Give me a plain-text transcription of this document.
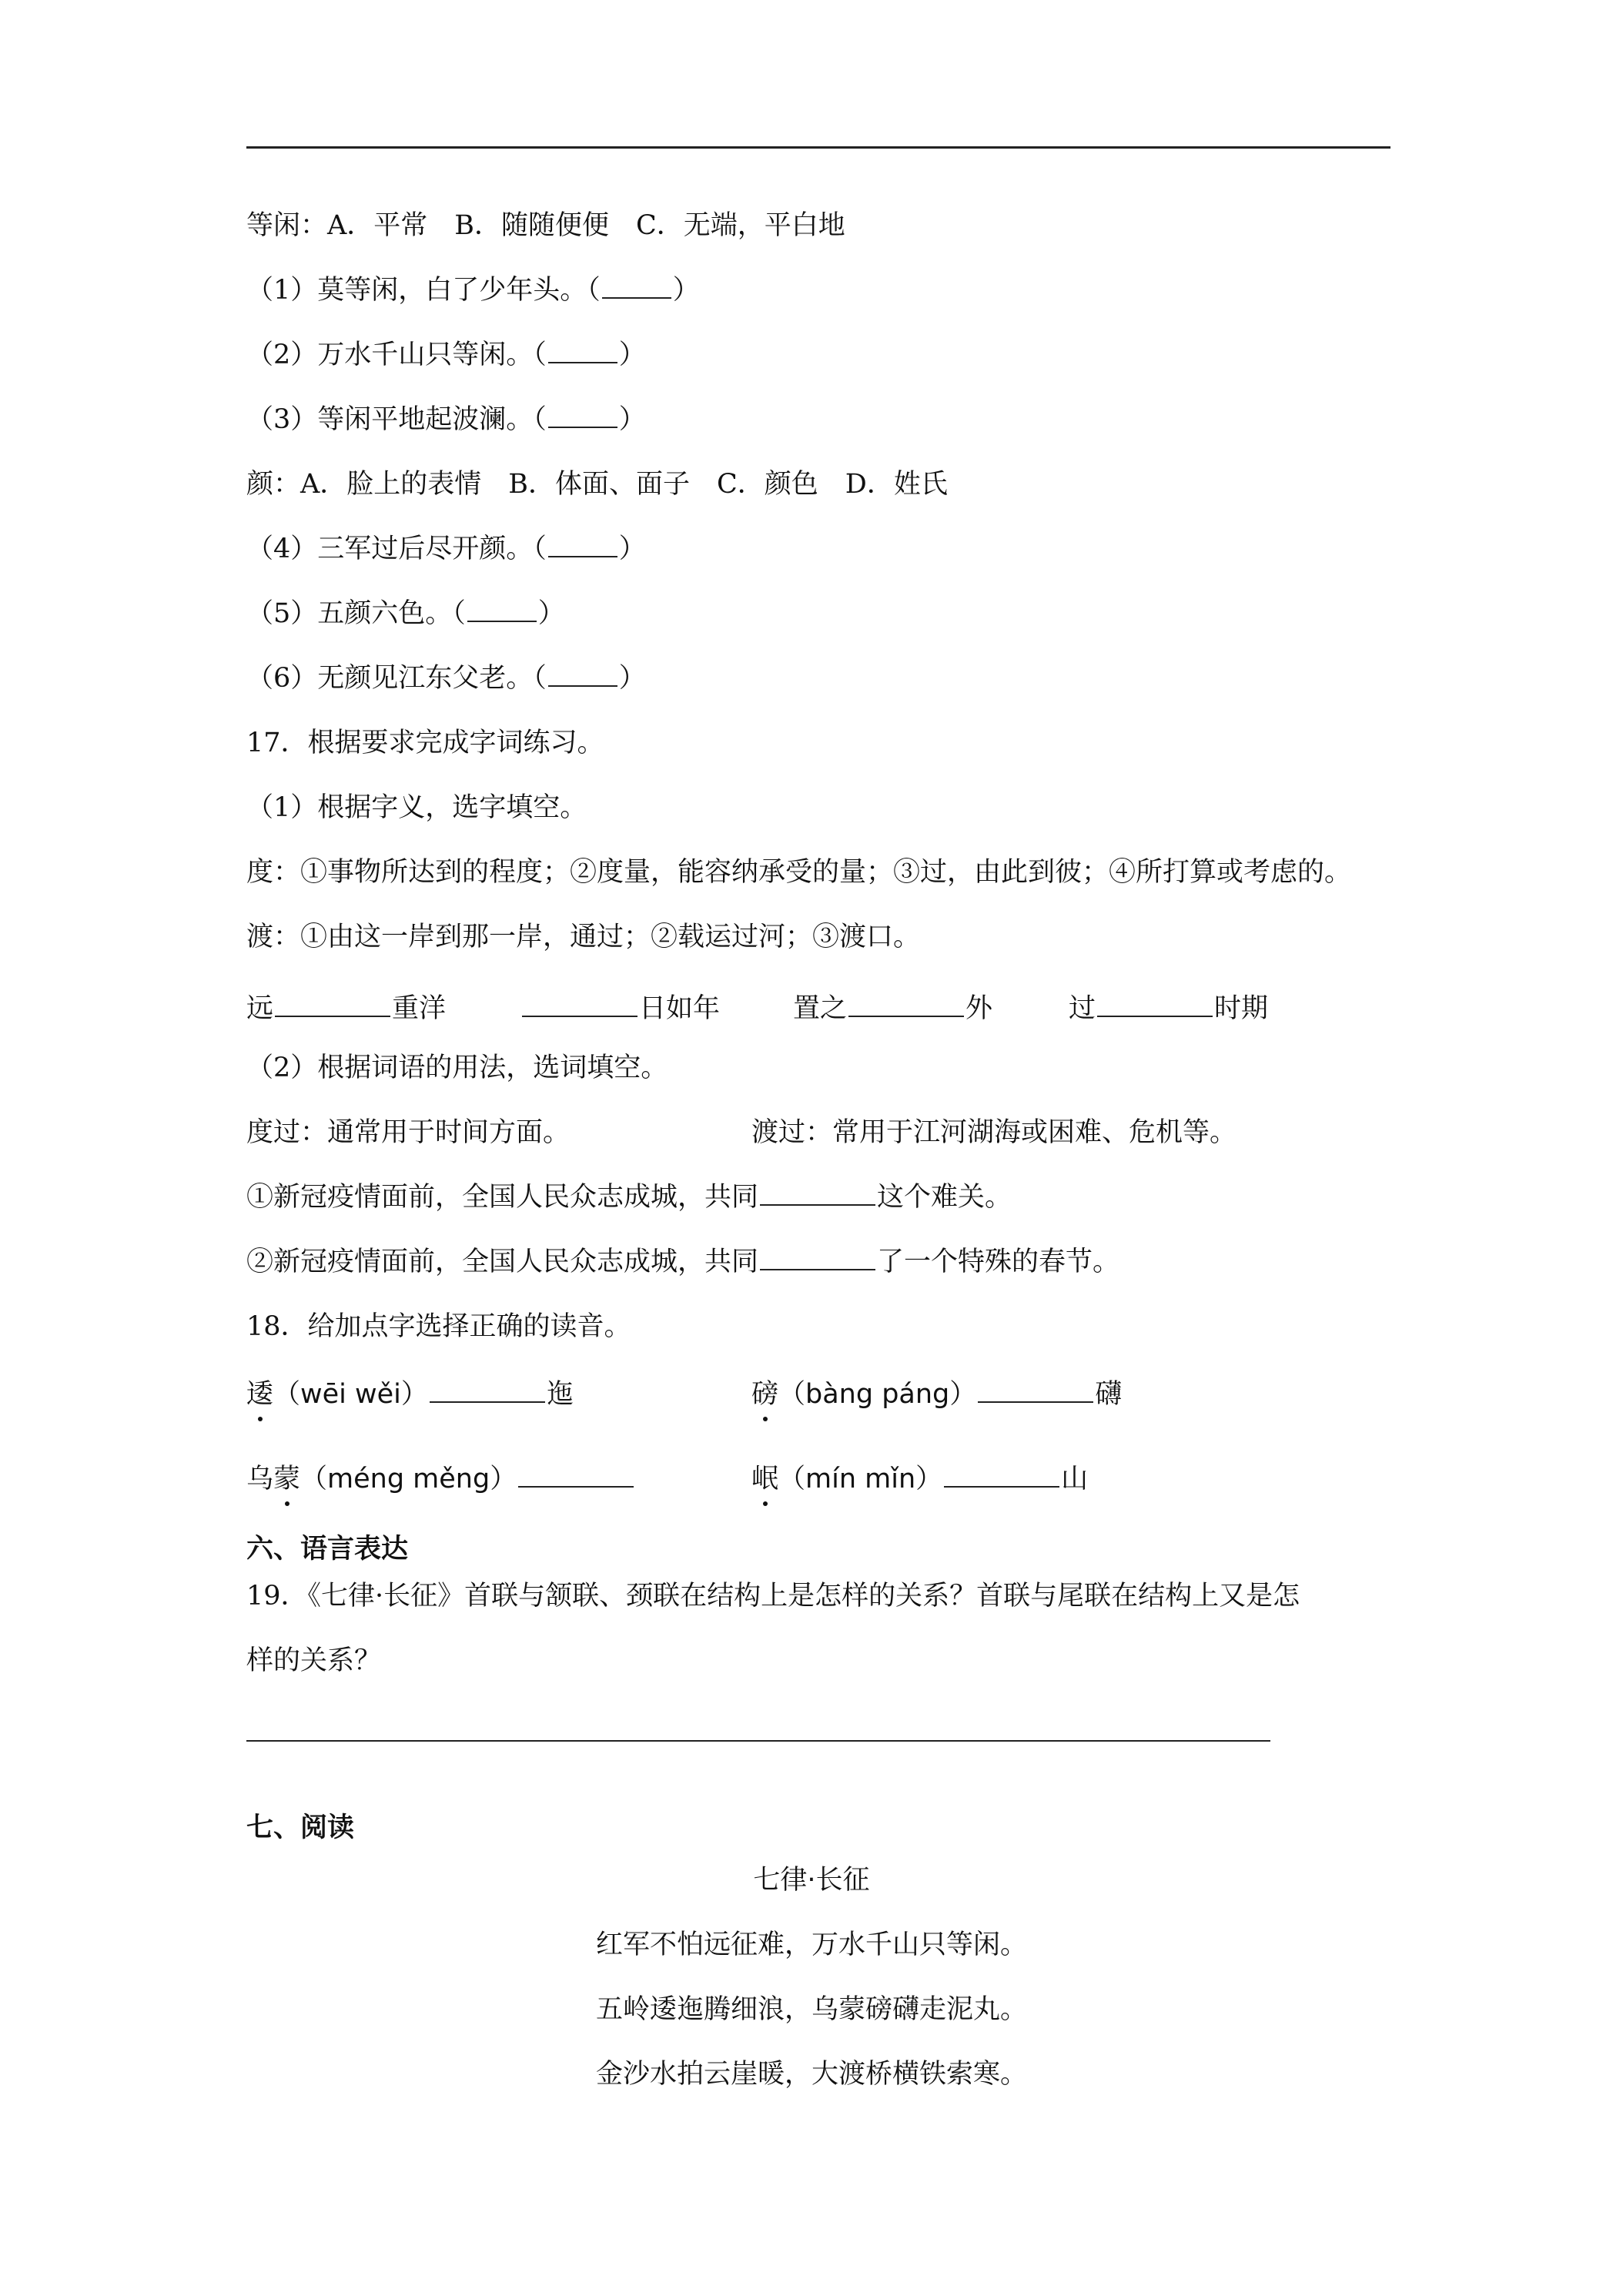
等闲：A．平常　B．随随便便　C．无端，平白地
（1）莫等闲，白了少年头。（	）
（2）万水千山只等闲。（	）
（3）等闲平地起波澜。（	）
颜：A．脸上的表情　B．体面、面子　C．颜色　D．姓氏
（4）三军过后尽开颜。（	）
（5）五颜六色。（	）
（6）无颜见江东父老。（	）
17．根据要求完成字词练习。
（1）根据字义，选字填空。
度：①事物所达到的程度；②度量，能容纳承受的量；③过，由此到彼；④所打算或考虑的。
渡：①由这一岸到那一岸，通过；②载运过河；③渡口。
远	重洋	日如年	置之	外	过	时期
（2）根据词语的用法，选词填空。
度过：通常用于时间方面。	渡过：常用于江河湖海或困难、危机等。
①新冠疫情面前，全国人民众志成城，共同	这个难关。
②新冠疫情面前，全国人民众志成城，共同	了一个特殊的春节。
18．给加点字选择正确的读音。
逶（wēi wěi）	迤	磅（bàng páng）	礴
乌蒙（méng měng）	岷（mín mǐn）	山
六、语言表达
19．《七律·长征》首联与颔联、颈联在结构上是怎样的关系？首联与尾联在结构上又是怎
样的关系？
七、阅读
七律·长征
红军不怕远征难，万水千山只等闲。
五岭逶迤腾细浪，乌蒙磅礴走泥丸。
金沙水拍云崖暖，大渡桥横铁索寒。
